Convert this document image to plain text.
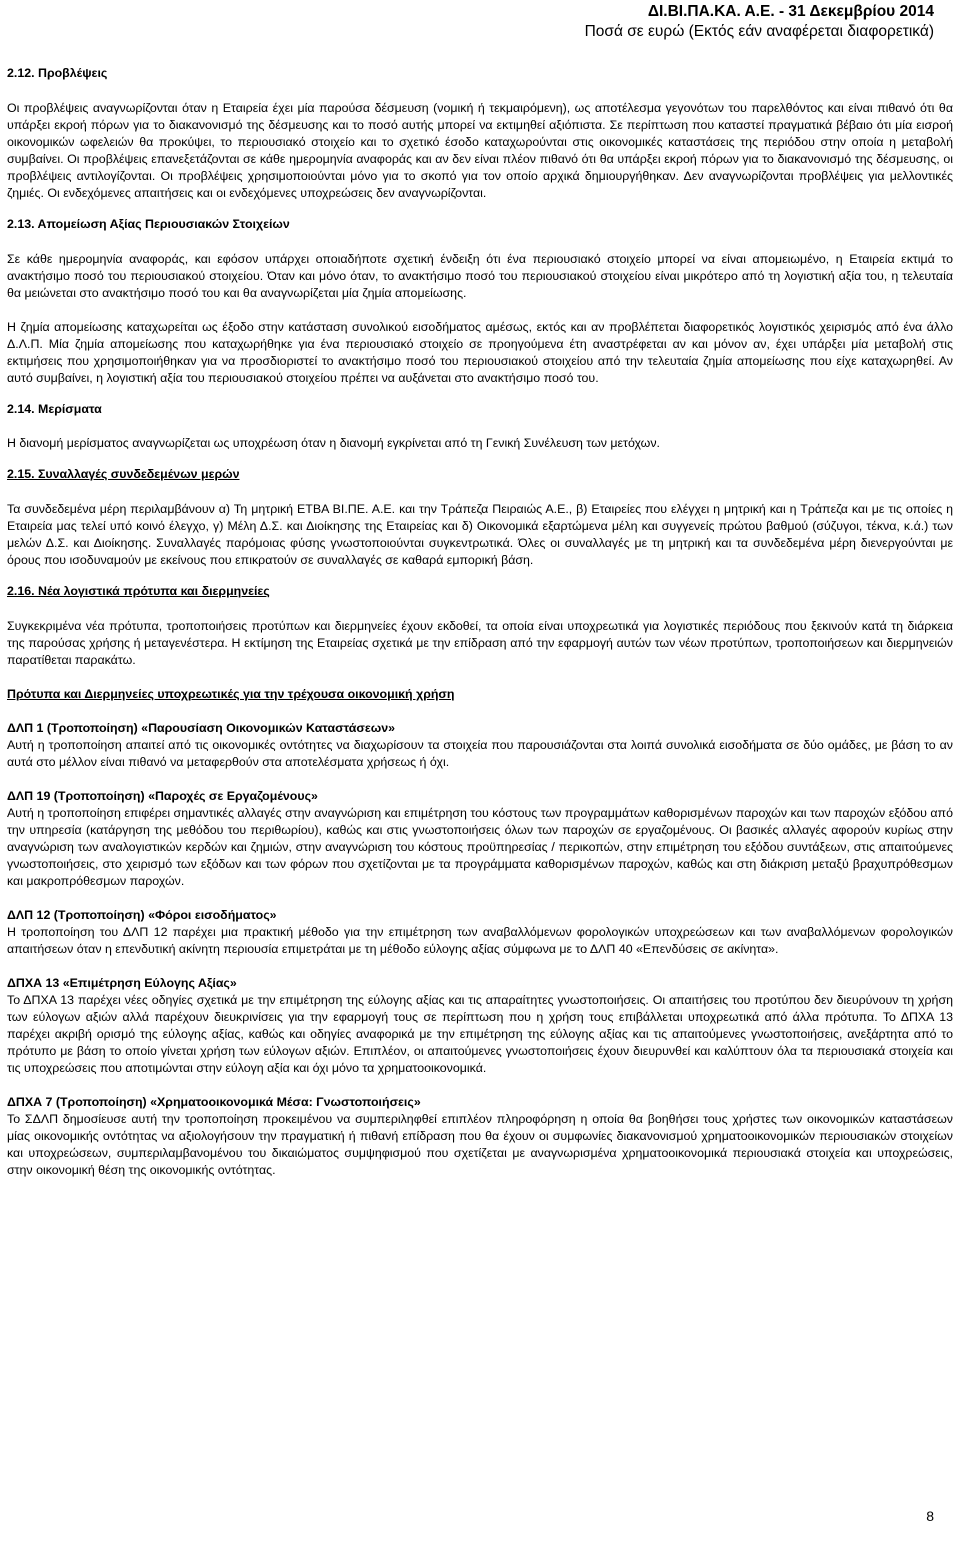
ΔΙ.ΒΙ.ΠΑ.ΚΑ. Α.Ε. - 31 Δεκεμβρίου 2014
Ποσά σε ευρώ (Εκτός εάν αναφέρεται διαφορετικά)

2.12. Προβλέψεις

Οι προβλέψεις αναγνωρίζονται όταν η Εταιρεία έχει μία παρούσα δέσμευση (νομική ή τεκμαιρόμενη), ως αποτέλεσμα γεγονότων του παρελθόντος και είναι πιθανό ότι θα υπάρξει εκροή πόρων για το διακανονισμό της δέσμευσης και το ποσό αυτής μπορεί να εκτιμηθεί αξιόπιστα. Σε περίπτωση που καταστεί πραγματικά βέβαιο ότι μία εισροή οικονομικών ωφελειών θα προκύψει, το περιουσιακό στοιχείο και το σχετικό έσοδο καταχωρούνται στις οικονομικές καταστάσεις της περιόδου στην οποία η μεταβολή συμβαίνει. Οι προβλέψεις επανεξετάζονται σε κάθε ημερομηνία αναφοράς και αν δεν είναι πλέον πιθανό ότι θα υπάρξει εκροή πόρων για το διακανονισμό της δέσμευσης, οι προβλέψεις αντιλογίζονται. Οι προβλέψεις χρησιμοποιούνται μόνο για το σκοπό για τον οποίο αρχικά δημιουργήθηκαν. Δεν αναγνωρίζονται προβλέψεις για μελλοντικές ζημιές. Οι ενδεχόμενες απαιτήσεις και οι ενδεχόμενες υποχρεώσεις δεν αναγνωρίζονται.

2.13. Απομείωση Αξίας Περιουσιακών Στοιχείων

Σε κάθε ημερομηνία αναφοράς, και εφόσον υπάρχει οποιαδήποτε σχετική ένδειξη ότι ένα περιουσιακό στοιχείο μπορεί να είναι απομειωμένο, η Εταιρεία εκτιμά το ανακτήσιμο ποσό του περιουσιακού στοιχείου. Όταν και μόνο όταν, το ανακτήσιμο ποσό του περιουσιακού στοιχείου είναι μικρότερο από τη λογιστική αξία του, η τελευταία θα μειώνεται στο ανακτήσιμο ποσό του και θα αναγνωρίζεται μία ζημία απομείωσης.

Η ζημία απομείωσης καταχωρείται ως έξοδο στην κατάσταση συνολικού εισοδήματος αμέσως, εκτός και αν προβλέπεται διαφορετικός λογιστικός χειρισμός από ένα άλλο Δ.Λ.Π. Μία ζημία απομείωσης που καταχωρήθηκε για ένα περιουσιακό στοιχείο σε προηγούμενα έτη αναστρέφεται αν και μόνον αν, έχει υπάρξει μία μεταβολή στις εκτιμήσεις που χρησιμοποιήθηκαν για να προσδιοριστεί το ανακτήσιμο ποσό του περιουσιακού στοιχείου από την τελευταία ζημία απομείωσης που είχε καταχωρηθεί. Αν αυτό συμβαίνει, η λογιστική αξία του περιουσιακού στοιχείου πρέπει να αυξάνεται στο ανακτήσιμο ποσό του.

2.14. Μερίσματα

Η διανομή μερίσματος αναγνωρίζεται ως υποχρέωση όταν η διανομή εγκρίνεται από τη Γενική Συνέλευση των μετόχων.

2.15. Συναλλαγές συνδεδεμένων μερών

Τα συνδεδεμένα μέρη περιλαμβάνουν α) Τη μητρική ΕΤΒΑ ΒΙ.ΠΕ. Α.Ε. και την Τράπεζα Πειραιώς Α.Ε., β) Εταιρείες που ελέγχει η μητρική και η Τράπεζα και με τις οποίες η Εταιρεία μας τελεί υπό κοινό έλεγχο, γ) Μέλη Δ.Σ. και Διοίκησης της Εταιρείας και δ) Οικονομικά εξαρτώμενα μέλη και συγγενείς πρώτου βαθμού (σύζυγοι, τέκνα, κ.ά.) των μελών Δ.Σ. και Διοίκησης. Συναλλαγές παρόμοιας φύσης γνωστοποιούνται συγκεντρωτικά. Όλες οι συναλλαγές με τη μητρική και τα συνδεδεμένα μέρη διενεργούνται με όρους που ισοδυναμούν με εκείνους που επικρατούν σε συναλλαγές σε καθαρά εμπορική βάση.

2.16. Νέα λογιστικά πρότυπα και διερμηνείες

Συγκεκριμένα νέα πρότυπα, τροποποιήσεις προτύπων και διερμηνείες έχουν εκδοθεί, τα οποία είναι υποχρεωτικά για λογιστικές περιόδους που ξεκινούν κατά τη διάρκεια της παρούσας χρήσης ή μεταγενέστερα. Η εκτίμηση της Εταιρείας σχετικά με την επίδραση από την εφαρμογή αυτών των νέων προτύπων, τροποποιήσεων και διερμηνειών παρατίθεται παρακάτω.

Πρότυπα και Διερμηνείες υποχρεωτικές για την τρέχουσα οικονομική χρήση

ΔΛΠ 1 (Τροποποίηση) «Παρουσίαση Οικονομικών Καταστάσεων»

Αυτή η τροποποίηση απαιτεί από τις οικονομικές οντότητες να διαχωρίσουν τα στοιχεία που παρουσιάζονται στα λοιπά συνολικά εισοδήματα σε δύο ομάδες, με βάση το αν αυτά στο μέλλον είναι πιθανό να μεταφερθούν στα αποτελέσματα χρήσεως ή όχι.

ΔΛΠ 19 (Τροποποίηση) «Παροχές σε Εργαζομένους»

Αυτή η τροποποίηση επιφέρει σημαντικές αλλαγές στην αναγνώριση και επιμέτρηση του κόστους των προγραμμάτων καθορισμένων παροχών και των παροχών εξόδου από την υπηρεσία (κατάργηση της μεθόδου του περιθωρίου), καθώς και στις γνωστοποιήσεις όλων των παροχών σε εργαζομένους. Οι βασικές αλλαγές αφορούν κυρίως στην αναγνώριση των αναλογιστικών κερδών και ζημιών, στην αναγνώριση του κόστους προϋπηρεσίας / περικοπών, στην επιμέτρηση του εξόδου συντάξεων, στις απαιτούμενες γνωστοποιήσεις, στο χειρισμό των εξόδων και των φόρων που σχετίζονται με τα προγράμματα καθορισμένων παροχών, καθώς και στη διάκριση μεταξύ βραχυπρόθεσμων και μακροπρόθεσμων παροχών.

ΔΛΠ 12 (Τροποποίηση) «Φόροι εισοδήματος»

Η τροποποίηση του ΔΛΠ 12 παρέχει μια πρακτική μέθοδο για την επιμέτρηση των αναβαλλόμενων φορολογικών υποχρεώσεων και των αναβαλλόμενων φορολογικών απαιτήσεων όταν η επενδυτική ακίνητη περιουσία επιμετράται με τη μέθοδο εύλογης αξίας σύμφωνα με το ΔΛΠ 40 «Επενδύσεις σε ακίνητα».

ΔΠΧΑ 13 «Επιμέτρηση Εύλογης Αξίας»

Το ΔΠΧΑ 13 παρέχει νέες οδηγίες σχετικά με την επιμέτρηση της εύλογης αξίας και τις απαραίτητες γνωστοποιήσεις. Οι απαιτήσεις του προτύπου δεν διευρύνουν τη χρήση των εύλογων αξιών αλλά παρέχουν διευκρινίσεις για την εφαρμογή τους σε περίπτωση που η χρήση τους επιβάλλεται υποχρεωτικά από άλλα πρότυπα. Το ΔΠΧΑ 13 παρέχει ακριβή ορισμό της εύλογης αξίας, καθώς και οδηγίες αναφορικά με την επιμέτρηση της εύλογης αξίας και τις απαιτούμενες γνωστοποιήσεις, ανεξάρτητα από το πρότυπο με βάση το οποίο γίνεται χρήση των εύλογων αξιών. Επιπλέον, οι απαιτούμενες γνωστοποιήσεις έχουν διευρυνθεί και καλύπτουν όλα τα περιουσιακά στοιχεία και τις υποχρεώσεις που αποτιμώνται στην εύλογη αξία και όχι μόνο τα χρηματοοικονομικά.

ΔΠΧΑ 7 (Τροποποίηση) «Χρηματοοικονομικά Μέσα: Γνωστοποιήσεις»

Το ΣΔΛΠ δημοσίευσε αυτή την τροποποίηση προκειμένου να συμπεριληφθεί επιπλέον πληροφόρηση η οποία θα βοηθήσει τους χρήστες των οικονομικών καταστάσεων μίας οικονομικής οντότητας να αξιολογήσουν την πραγματική ή πιθανή επίδραση που θα έχουν οι συμφωνίες διακανονισμού χρηματοοικονομικών περιουσιακών στοιχείων και υποχρεώσεων, συμπεριλαμβανομένου του δικαιώματος συμψηφισμού που σχετίζεται με αναγνωρισμένα χρηματοοικονομικά περιουσιακά στοιχεία και υποχρεώσεις, στην οικονομική θέση της οικονομικής οντότητας.

8
